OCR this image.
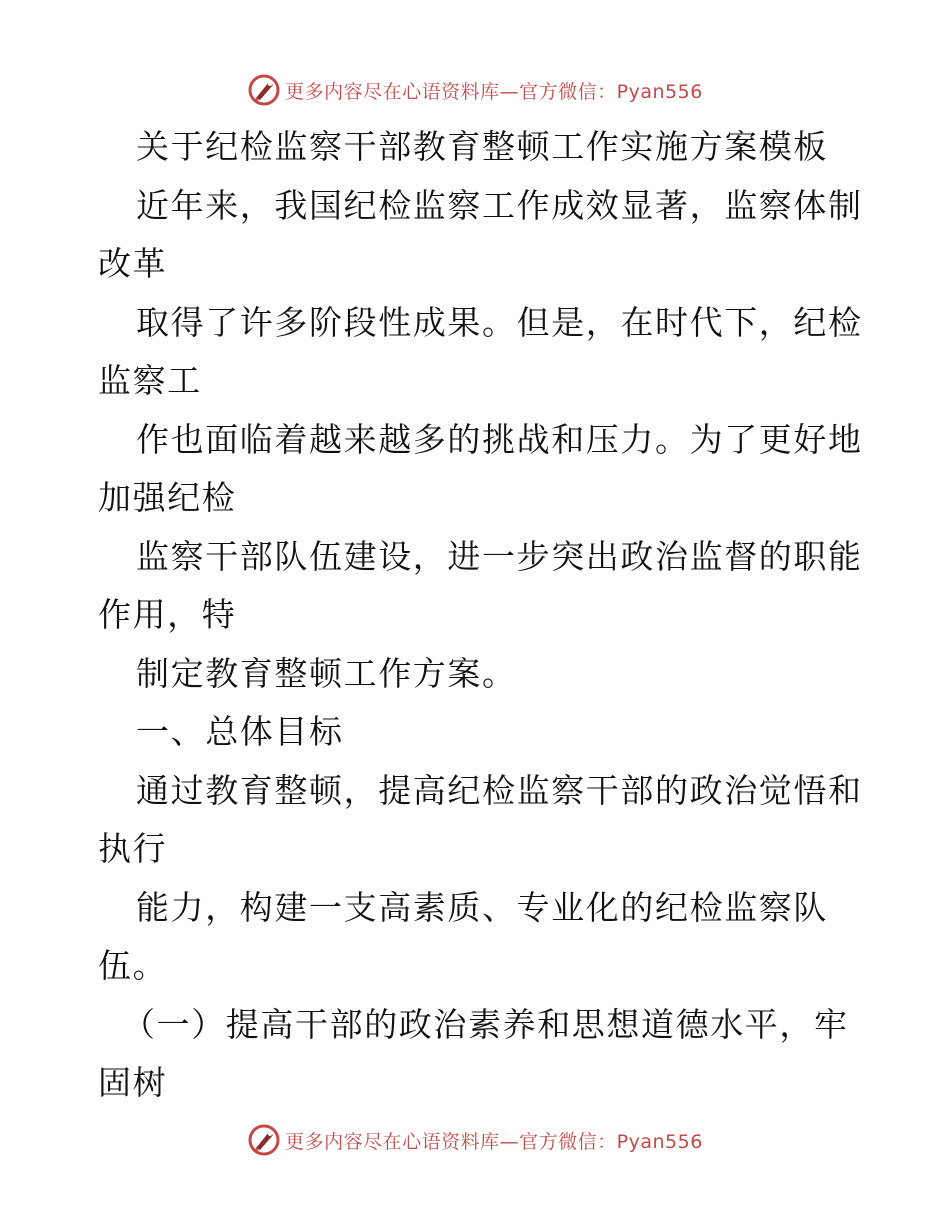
更多内容尽在心语资料库—官方微信：Pyan556
关于纪检监察干部教育整顿工作实施方案模板
近年来，我国纪检监察工作成效显著，监察体制
改革
取得了许多阶段性成果。但是，在时代下，纪检
监察工
作也面临着越来越多的挑战和压力。为了更好地
加强纪检
监察干部队伍建设，进一步突出政治监督的职能
作用，特
制定教育整顿工作方案。
一、总体目标
通过教育整顿，提高纪检监察干部的政治觉悟和
执行
能力，构建一支高素质、专业化的纪检监察队
伍。
（一）提高干部的政治素养和思想道德水平，牢
固树
更多内容尽在心语资料库—官方微信：Pyan556
